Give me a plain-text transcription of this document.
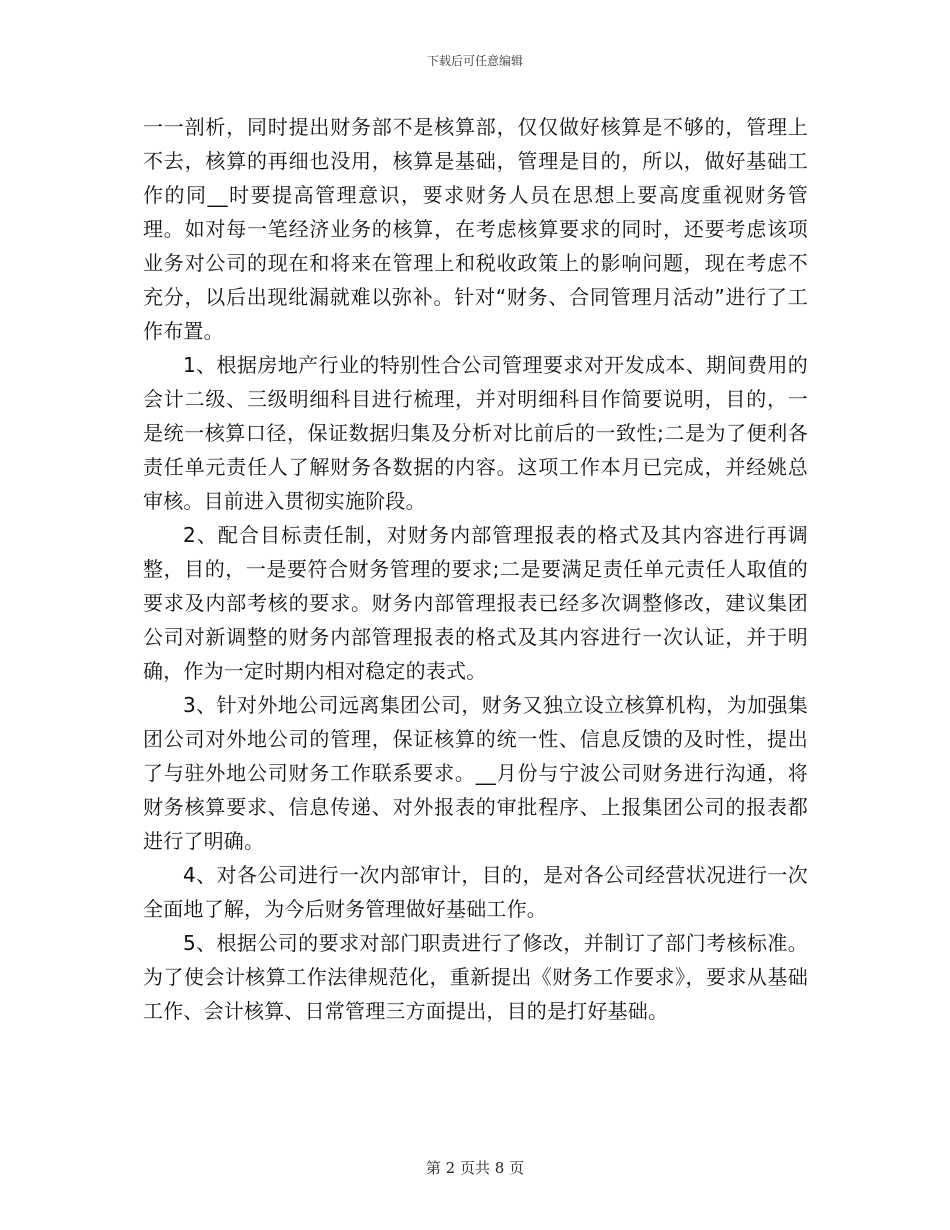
下载后可任意编辑

一一剖析，同时提出财务部不是核算部，仅仅做好核算是不够的，管理上不去，核算的再细也没用，核算是基础，管理是目的，所以，做好基础工作的同__时要提高管理意识，要求财务人员在思想上要高度重视财务管理。如对每一笔经济业务的核算，在考虑核算要求的同时，还要考虑该项业务对公司的现在和将来在管理上和税收政策上的影响问题，现在考虑不充分，以后出现纰漏就难以弥补。针对“财务、合同管理月活动”进行了工作布置。

1、根据房地产行业的特别性合公司管理要求对开发成本、期间费用的会计二级、三级明细科目进行梳理，并对明细科目作简要说明，目的，一是统一核算口径，保证数据归集及分析对比前后的一致性;二是为了便利各责任单元责任人了解财务各数据的内容。这项工作本月已完成，并经姚总审核。目前进入贯彻实施阶段。

2、配合目标责任制，对财务内部管理报表的格式及其内容进行再调整，目的，一是要符合财务管理的要求;二是要满足责任单元责任人取值的要求及内部考核的要求。财务内部管理报表已经多次调整修改，建议集团公司对新调整的财务内部管理报表的格式及其内容进行一次认证，并于明确，作为一定时期内相对稳定的表式。

3、针对外地公司远离集团公司，财务又独立设立核算机构，为加强集团公司对外地公司的管理，保证核算的统一性、信息反馈的及时性，提出了与驻外地公司财务工作联系要求。__月份与宁波公司财务进行沟通，将财务核算要求、信息传递、对外报表的审批程序、上报集团公司的报表都进行了明确。

4、对各公司进行一次内部审计，目的，是对各公司经营状况进行一次全面地了解，为今后财务管理做好基础工作。

5、根据公司的要求对部门职责进行了修改，并制订了部门考核标准。为了使会计核算工作法律规范化，重新提出《财务工作要求》，要求从基础工作、会计核算、日常管理三方面提出，目的是打好基础。

第 2 页共 8 页
